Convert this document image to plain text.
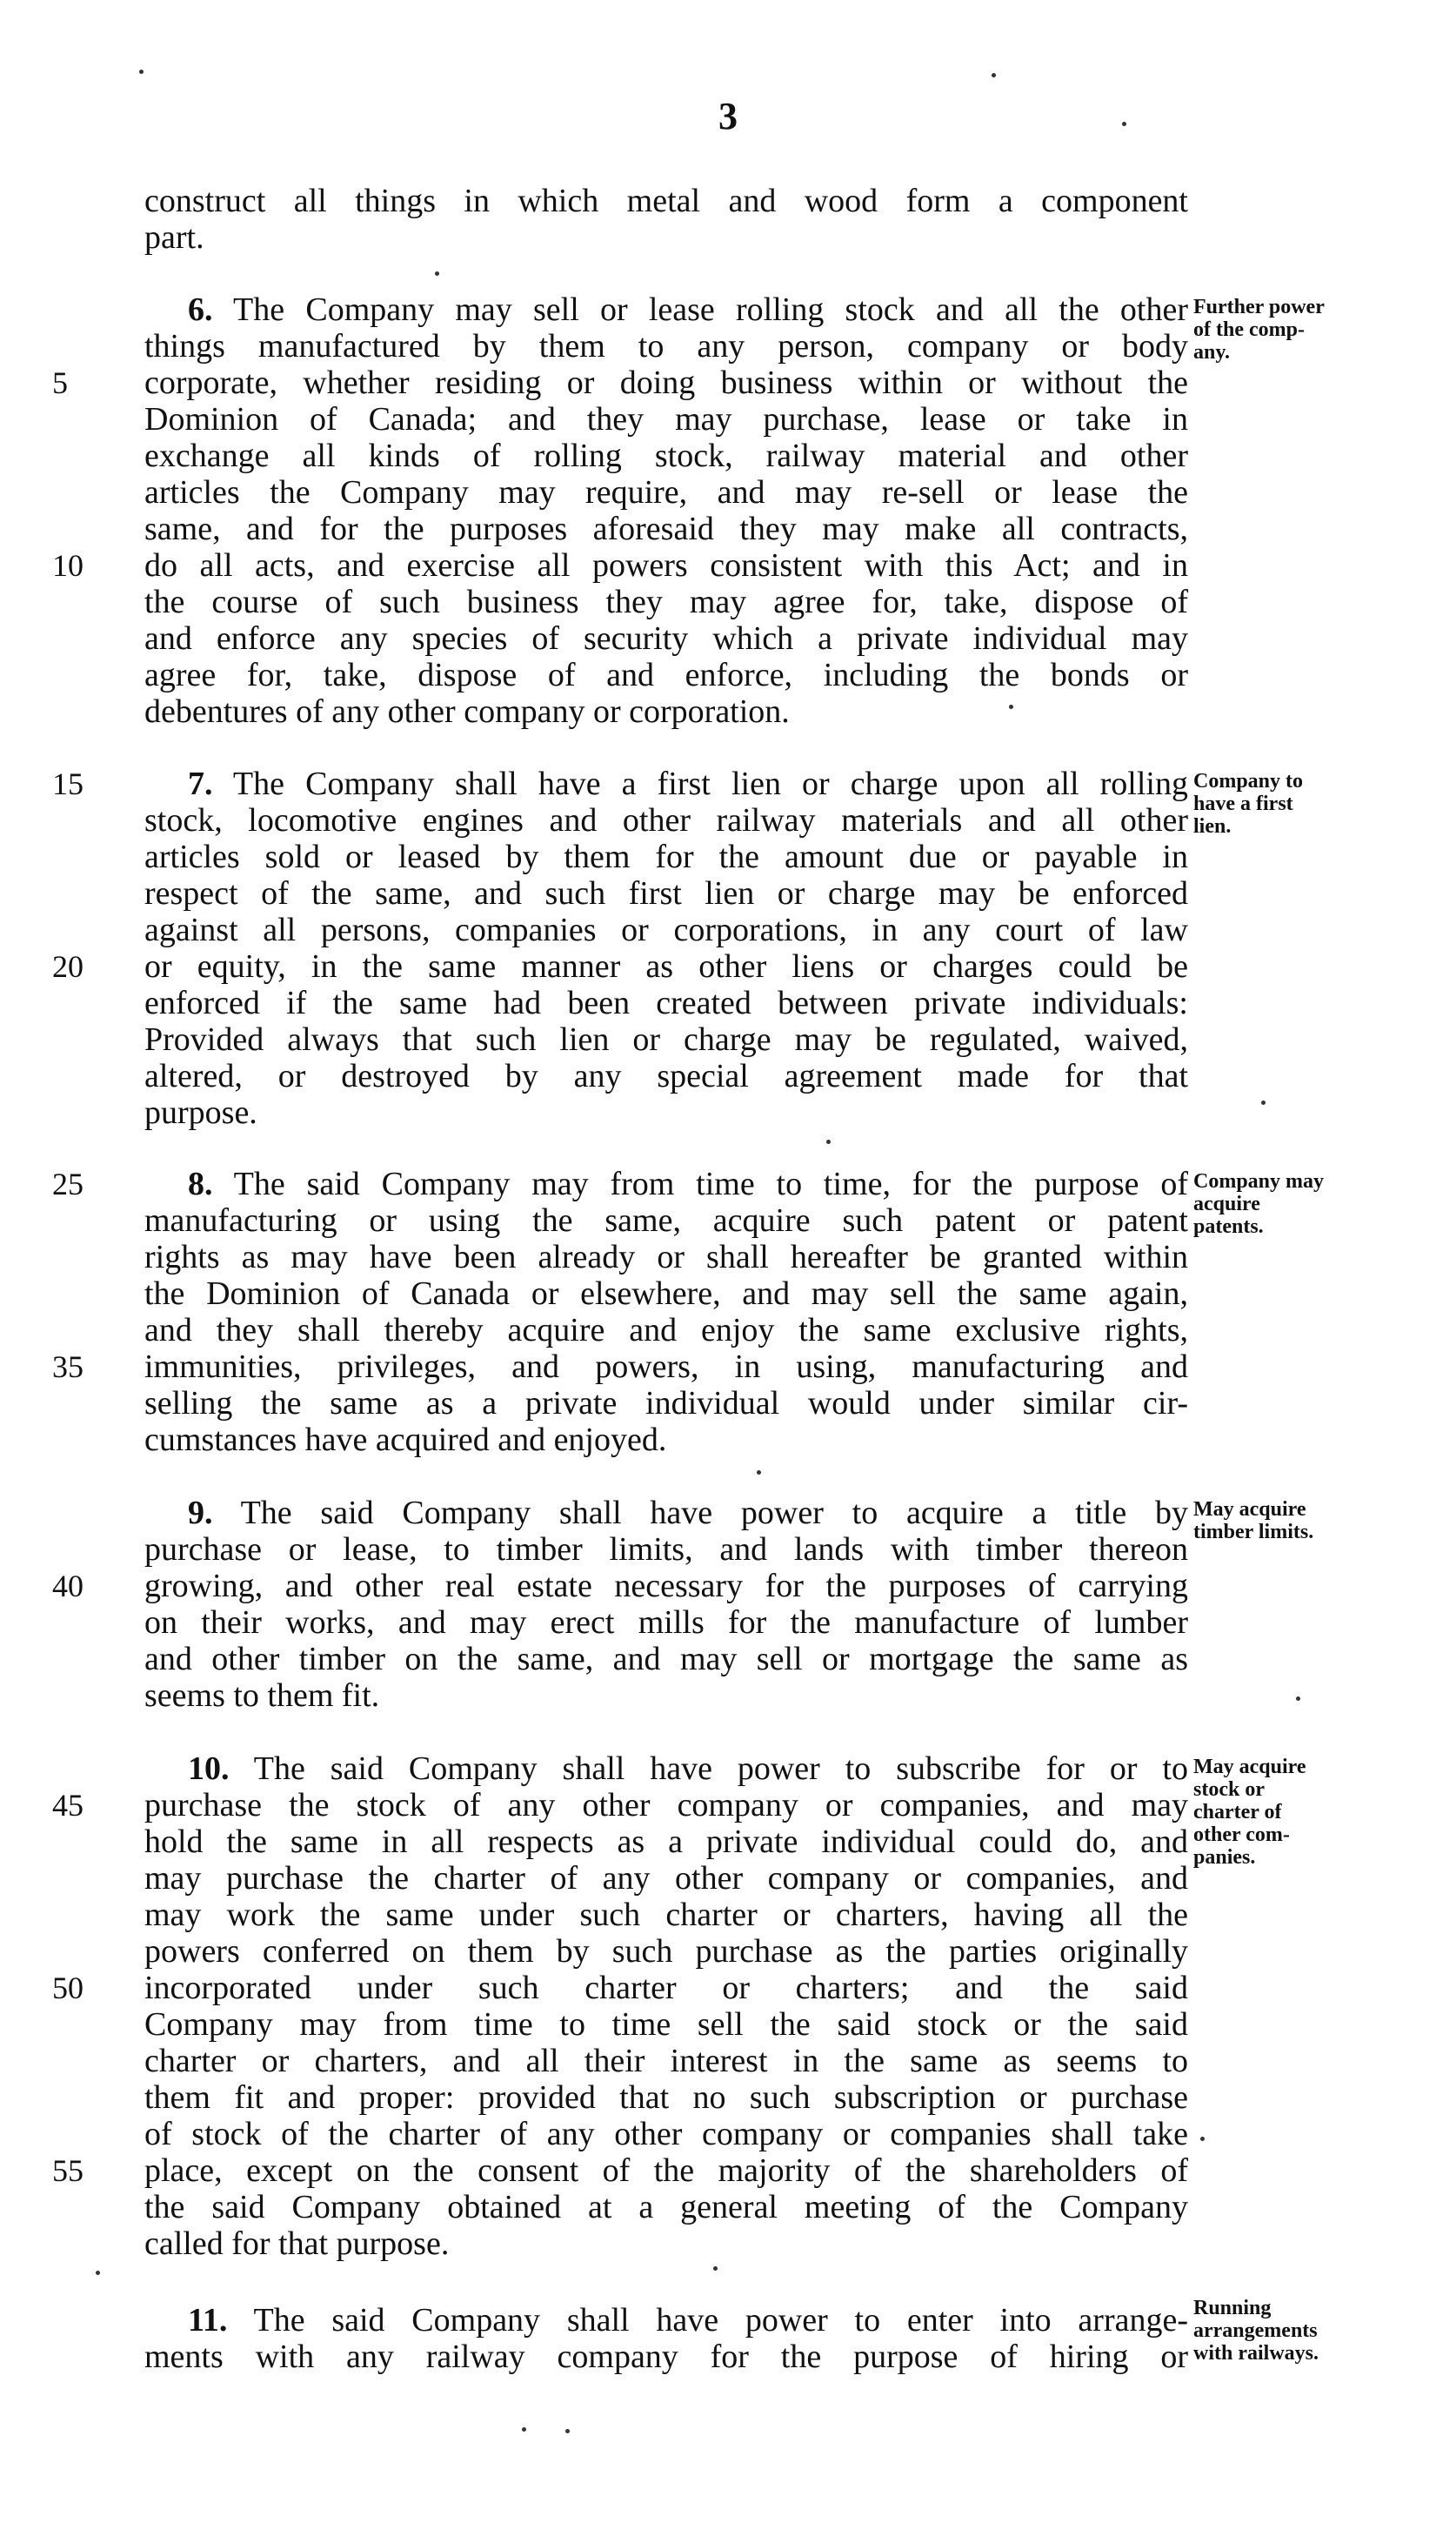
3
construct all things in which metal and wood form a component
part.
6. The Company may sell or lease rolling stock and all the other
things manufactured by them to any person, company or body
corporate, whether residing or doing business within or without the
Dominion of Canada; and they may purchase, lease or take in
exchange all kinds of rolling stock, railway material and other
articles the Company may require, and may re-sell or lease the
same, and for the purposes aforesaid they may make all contracts,
do all acts, and exercise all powers consistent with this Act; and in
the course of such business they may agree for, take, dispose of
and enforce any species of security which a private individual may
agree for, take, dispose of and enforce, including the bonds or
debentures of any other company or corporation.
Further power
of the comp-
any.
7. The Company shall have a first lien or charge upon all rolling
stock, locomotive engines and other railway materials and all other
articles sold or leased by them for the amount due or payable in
respect of the same, and such first lien or charge may be enforced
against all persons, companies or corporations, in any court of law
or equity, in the same manner as other liens or charges could be
enforced if the same had been created between private individuals:
Provided always that such lien or charge may be regulated, waived,
altered, or destroyed by any special agreement made for that
purpose.
Company to
have a first
lien.
8. The said Company may from time to time, for the purpose of
manufacturing or using the same, acquire such patent or patent
rights as may have been already or shall hereafter be granted within
the Dominion of Canada or elsewhere, and may sell the same again,
and they shall thereby acquire and enjoy the same exclusive rights,
immunities, privileges, and powers, in using, manufacturing and
selling the same as a private individual would under similar cir-
cumstances have acquired and enjoyed.
Company may
acquire
patents.
9. The said Company shall have power to acquire a title by
purchase or lease, to timber limits, and lands with timber thereon
growing, and other real estate necessary for the purposes of carrying
on their works, and may erect mills for the manufacture of lumber
and other timber on the same, and may sell or mortgage the same as
seems to them fit.
May acquire
timber limits.
10. The said Company shall have power to subscribe for or to
purchase the stock of any other company or companies, and may
hold the same in all respects as a private individual could do, and
may purchase the charter of any other company or companies, and
may work the same under such charter or charters, having all the
powers conferred on them by such purchase as the parties originally
incorporated under such charter or charters; and the said
Company may from time to time sell the said stock or the said
charter or charters, and all their interest in the same as seems to
them fit and proper: provided that no such subscription or purchase
of stock of the charter of any other company or companies shall take
place, except on the consent of the majority of the shareholders of
the said Company obtained at a general meeting of the Company
called for that purpose.
May acquire
stock or
charter of
other com-
panies.
11. The said Company shall have power to enter into arrange-
ments with any railway company for the purpose of hiring or
Running
arrangements
with railways.
5
10
15
20
25
35
40
45
50
55
